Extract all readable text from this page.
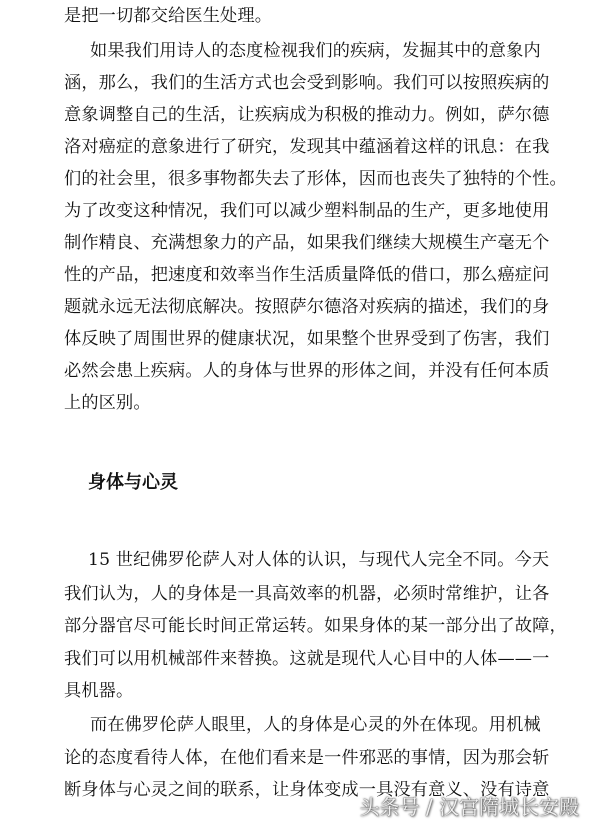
是把一切都交给医生处理。
如果我们用诗人的态度检视我们的疾病，发掘其中的意象内
涵，那么，我们的生活方式也会受到影响。我们可以按照疾病的
意象调整自己的生活，让疾病成为积极的推动力。例如，萨尔德
洛对癌症的意象进行了研究，发现其中蕴涵着这样的讯息：在我
们的社会里，很多事物都失去了形体，因而也丧失了独特的个性。
为了改变这种情况，我们可以减少塑料制品的生产，更多地使用
制作精良、充满想象力的产品，如果我们继续大规模生产毫无个
性的产品，把速度和效率当作生活质量降低的借口，那么癌症问
题就永远无法彻底解决。按照萨尔德洛对疾病的描述，我们的身
体反映了周围世界的健康状况，如果整个世界受到了伤害，我们
必然会患上疾病。人的身体与世界的形体之间，并没有任何本质
上的区别。
身体与心灵
15 世纪佛罗伦萨人对人体的认识，与现代人完全不同。今天
我们认为，人的身体是一具高效率的机器，必须时常维护，让各
部分器官尽可能长时间正常运转。如果身体的某一部分出了故障，
我们可以用机械部件来替换。这就是现代人心目中的人体——一
具机器。
而在佛罗伦萨人眼里，人的身体是心灵的外在体现。用机械
论的态度看待人体，在他们看来是一件邪恶的事情，因为那会斩
断身体与心灵之间的联系，让身体变成一具没有意义、没有诗意
头条号 / 汉宫隋城长安殿
